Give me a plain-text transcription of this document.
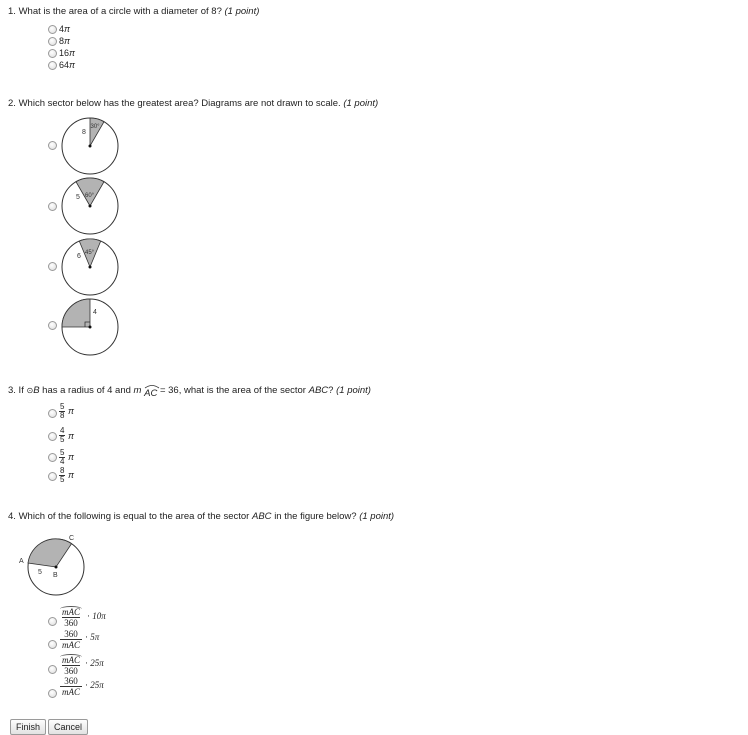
1. What is the area of a circle with a diameter of 8? (1 point)
4π
8π
16π
64π
2. Which sector below has the greatest area? Diagrams are not drawn to scale. (1 point)
8
30°
5 60°
6 45°
4
3. If ⊙B has a radius of 4 and m AC = 36, what is the area of the sector ABC? (1 point)
$\frac{5}{8}$ π
$\frac{4}{5}$ π
$\frac{5}{4}$ π
$\frac{8}{5}$ π
4. Which of the following is equal to the area of the sector ABC in the figure below? (1 point)
A
B
C
5
mAC
360
· 10π
360
mAC
· 5π
mAC
360
· 25π
360
mAC
· 25π
Finish	Cancel
